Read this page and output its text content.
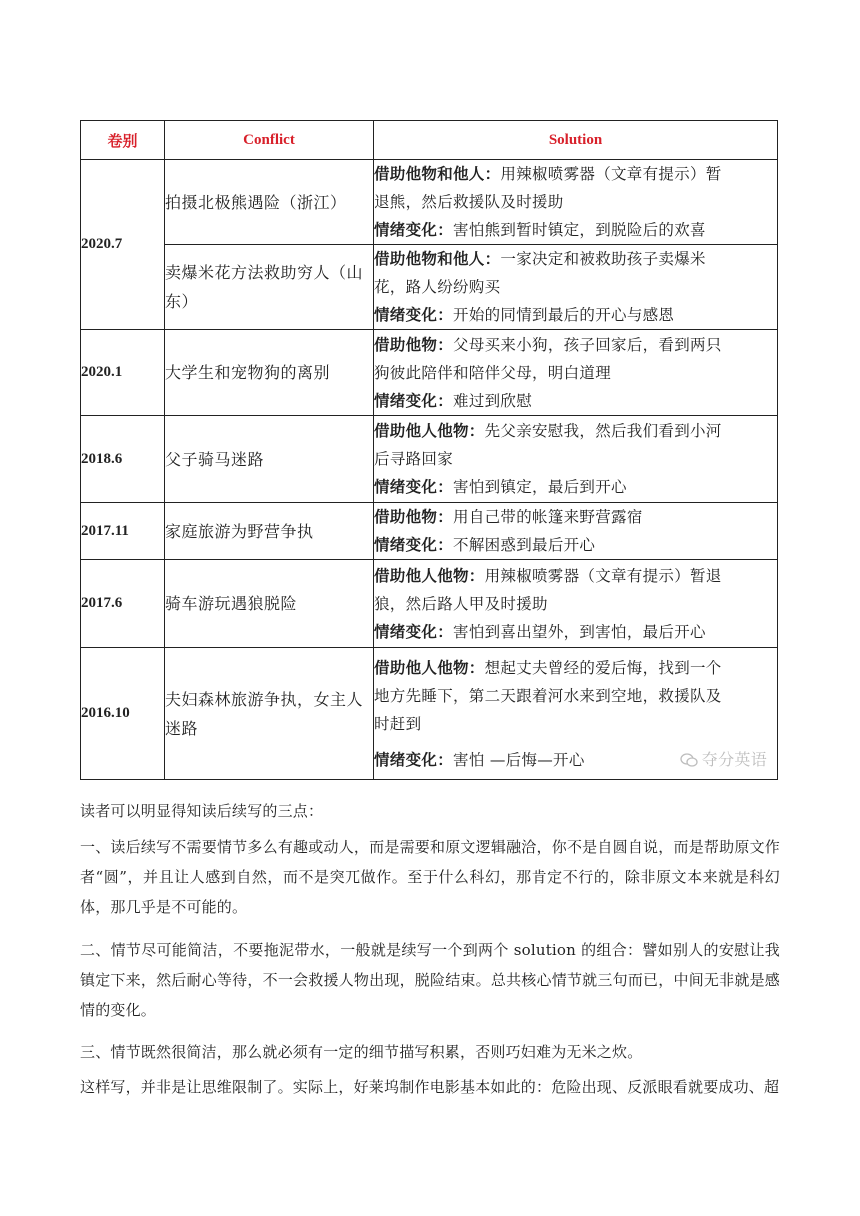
卷别	Conflict	Solution
2020.7	拍摄北极熊遇险（浙江）	借助他物和他人：用辣椒喷雾器（文章有提示）暂
退熊，然后救援队及时援助
情绪变化：害怕熊到暂时镇定，到脱险后的欢喜

	卖爆米花方法救助穷人（山东）	借助他物和他人：一家决定和被救助孩子卖爆米
花，路人纷纷购买
情绪变化：开始的同情到最后的开心与感恩

2020.1	大学生和宠物狗的离别	借助他物：父母买来小狗，孩子回家后，看到两只
狗彼此陪伴和陪伴父母，明白道理
情绪变化：难过到欣慰

2018.6	父子骑马迷路	借助他人他物：先父亲安慰我，然后我们看到小河
后寻路回家
情绪变化：害怕到镇定，最后到开心

2017.11	家庭旅游为野营争执	借助他物：用自己带的帐篷来野营露宿
情绪变化：不解困惑到最后开心

2017.6	骑车游玩遇狼脱险	借助他人他物：用辣椒喷雾器（文章有提示）暂退
狼，然后路人甲及时援助
情绪变化：害怕到喜出望外，到害怕，最后开心

2016.10	夫妇森林旅游争执，女主人迷路	借助他人他物：想起丈夫曾经的爱后悔，找到一个
地方先睡下，第二天跟着河水来到空地，救援队及
时赶到
情绪变化：害怕 —后悔—开心 夺分英语
读者可以明显得知读后续写的三点：
一、读后续写不需要情节多么有趣或动人，而是需要和原文逻辑融洽，你不是自圆自说，而是帮助原文作者“圆”，并且让人感到自然，而不是突兀做作。至于什么科幻，那肯定不行的，除非原文本来就是科幻体，那几乎是不可能的。
二、情节尽可能简洁，不要拖泥带水，一般就是续写一个到两个 solution 的组合：譬如别人的安慰让我镇定下来，然后耐心等待，不一会救援人物出现，脱险结束。总共核心情节就三句而已，中间无非就是感情的变化。
三、情节既然很简洁，那么就必须有一定的细节描写积累，否则巧妇难为无米之炊。
这样写，并非是让思维限制了。实际上，好莱坞制作电影基本如此的：危险出现、反派眼看就要成功、超
